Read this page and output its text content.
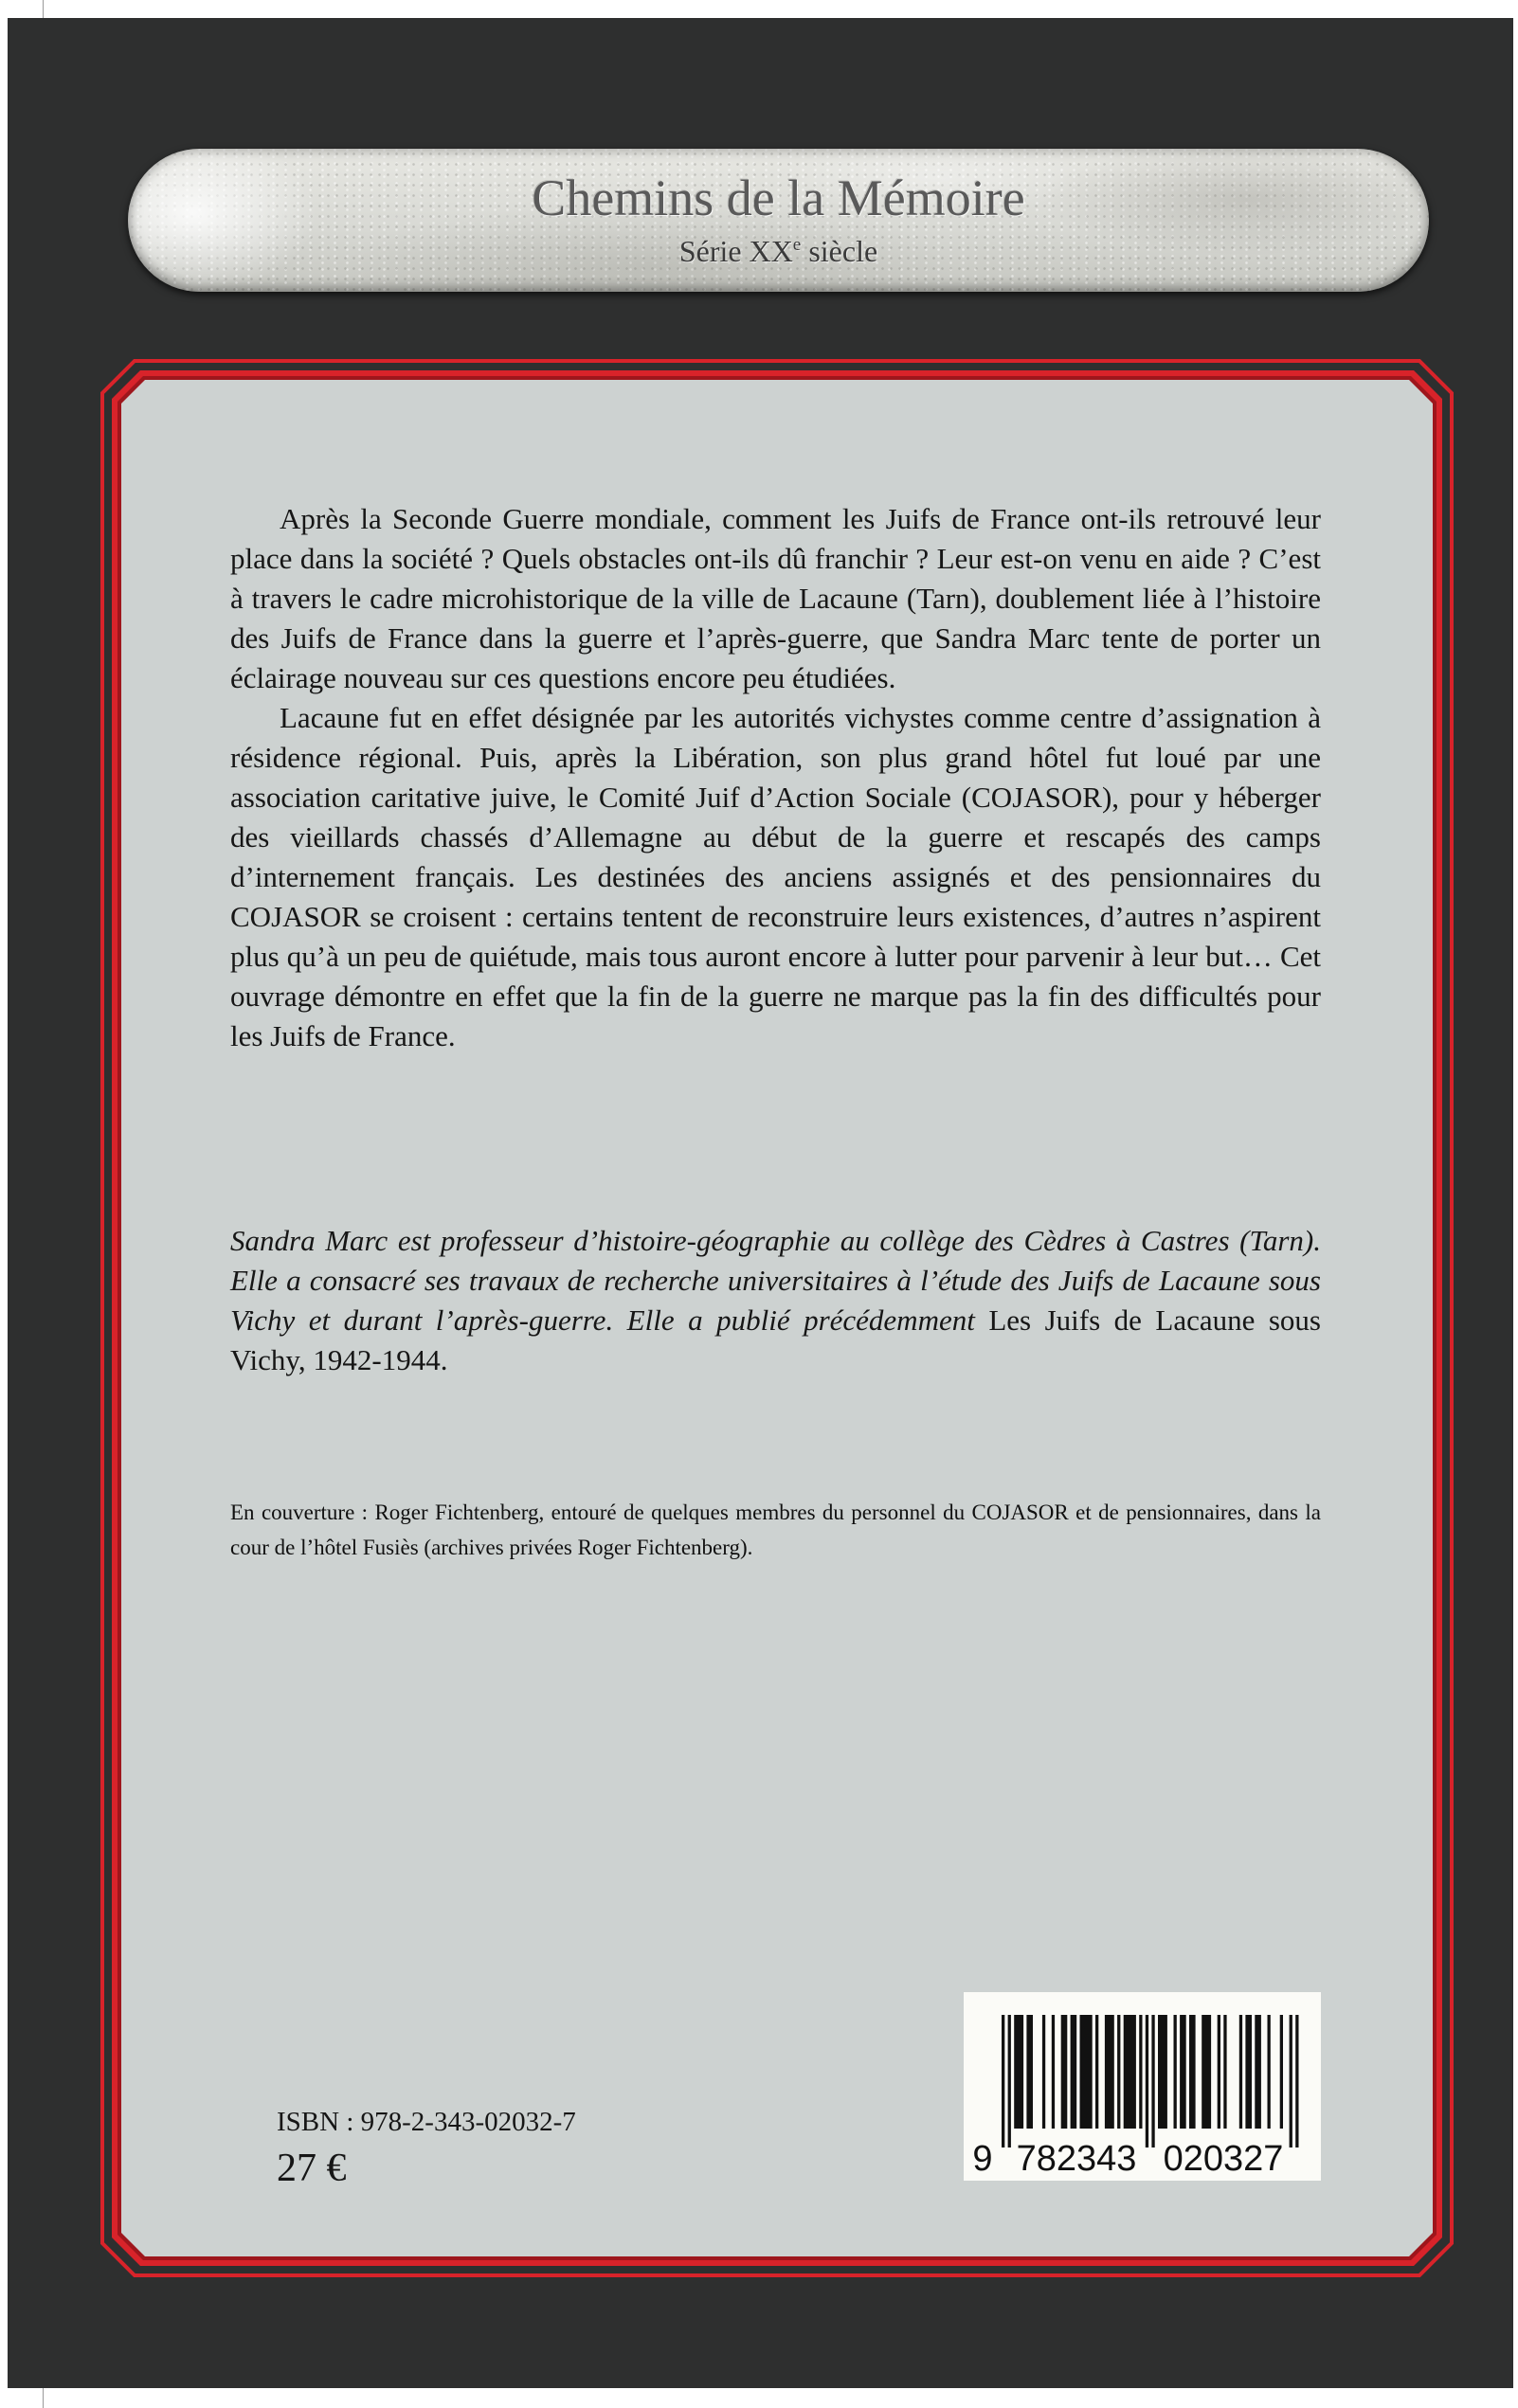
Chemins de la Mémoire
Série XXe siècle

Après la Seconde Guerre mondiale, comment les Juifs de France ont-ils retrouvé leur place dans la société ? Quels obstacles ont-ils dû franchir ? Leur est-on venu en aide ? C’est à travers le cadre microhistorique de la ville de Lacaune (Tarn), doublement liée à l’histoire des Juifs de France dans la guerre et l’après-guerre, que Sandra Marc tente de porter un éclairage nouveau sur ces questions encore peu étudiées.

Lacaune fut en effet désignée par les autorités vichystes comme centre d’assignation à résidence régional. Puis, après la Libération, son plus grand hôtel fut loué par une association caritative juive, le Comité Juif d’Action Sociale (COJASOR), pour y héberger des vieillards chassés d’Allemagne au début de la guerre et rescapés des camps d’internement français. Les destinées des anciens assignés et des pensionnaires du COJASOR se croisent : certains tentent de reconstruire leurs existences, d’autres n’aspirent plus qu’à un peu de quiétude, mais tous auront encore à lutter pour parvenir à leur but… Cet ouvrage démontre en effet que la fin de la guerre ne marque pas la fin des difficultés pour les Juifs de France.

Sandra Marc est professeur d’histoire-géographie au collège des Cèdres à Castres (Tarn). Elle a consacré ses travaux de recherche universitaires à l’étude des Juifs de Lacaune sous Vichy et durant l’après-guerre. Elle a publié précédemment Les Juifs de Lacaune sous Vichy, 1942-1944.

En couverture : Roger Fichtenberg, entouré de quelques membres du personnel du COJASOR et de pensionnaires, dans la cour de l’hôtel Fusiès (archives privées Roger Fichtenberg).

ISBN : 978-2-343-02032-7
27 €	9 782343 020327
